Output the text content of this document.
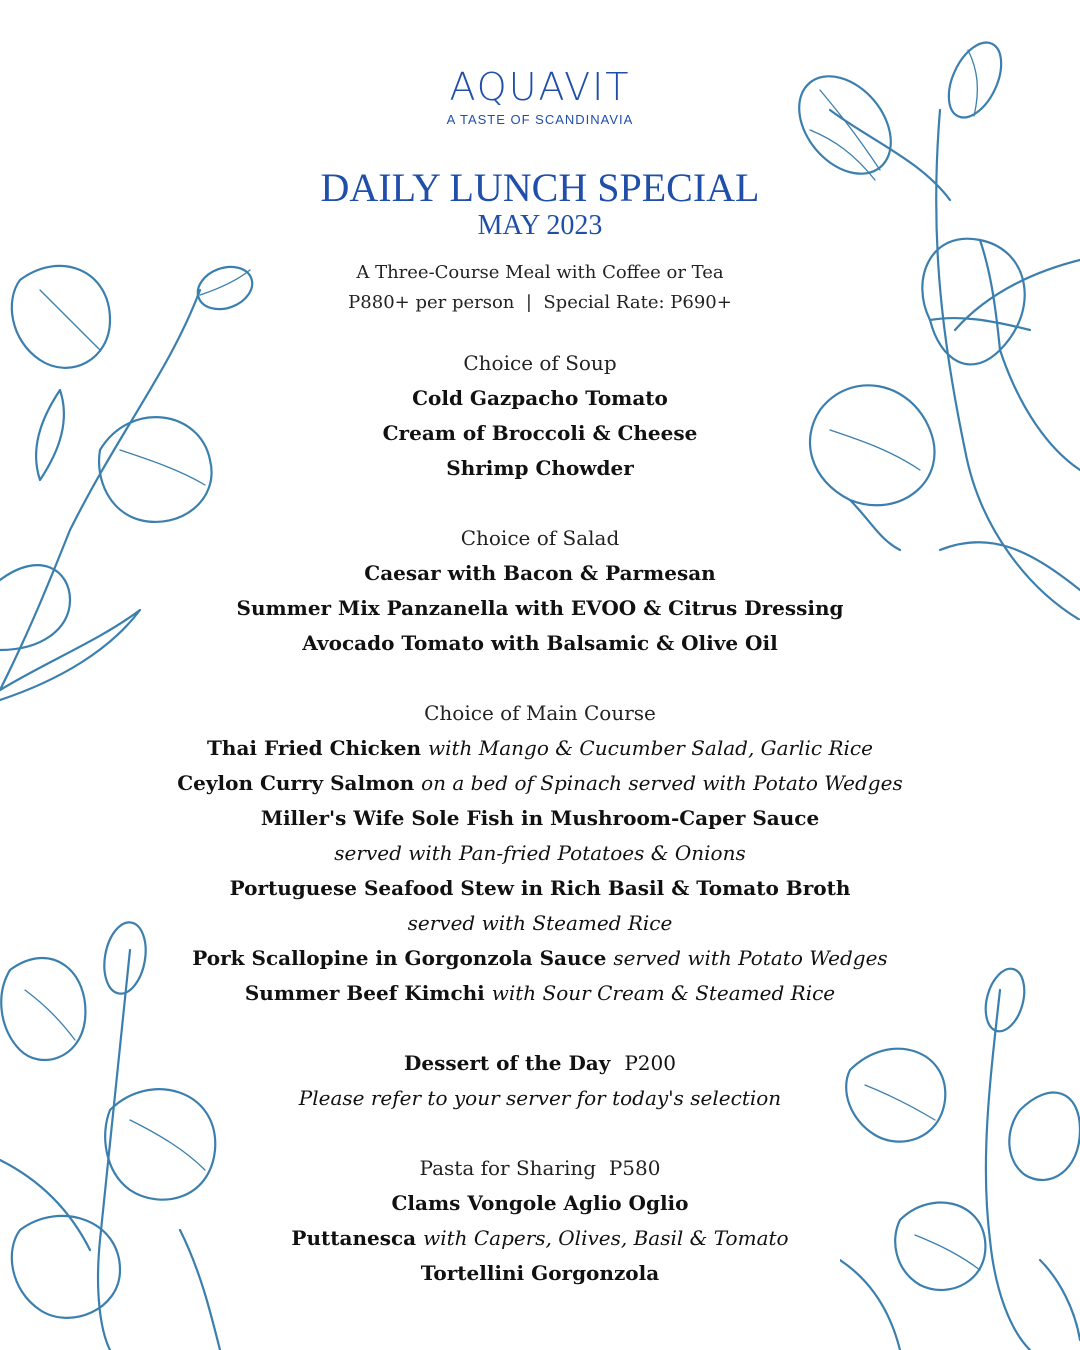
AQUAVIT
A TASTE OF SCANDINAVIA
DAILY LUNCH SPECIAL
MAY 2023
A Three-Course Meal with Coffee or Tea
P880+ per person  |  Special Rate: P690+
Choice of Soup
Cold Gazpacho Tomato
Cream of Broccoli & Cheese
Shrimp Chowder
Choice of Salad
Caesar with Bacon & Parmesan
Summer Mix Panzanella with EVOO & Citrus Dressing
Avocado Tomato with Balsamic & Olive Oil
Choice of Main Course
Thai Fried Chicken with Mango & Cucumber Salad, Garlic Rice
Ceylon Curry Salmon on a bed of Spinach served with Potato Wedges
Miller's Wife Sole Fish in Mushroom-Caper Sauce
served with Pan-fried Potatoes & Onions
Portuguese Seafood Stew in Rich Basil & Tomato Broth
served with Steamed Rice
Pork Scallopine in Gorgonzola Sauce served with Potato Wedges
Summer Beef Kimchi with Sour Cream & Steamed Rice
Dessert of the Day P200
Please refer to your server for today's selection
Pasta for Sharing P580
Clams Vongole Aglio Oglio
Puttanesca with Capers, Olives, Basil & Tomato
Tortellini Gorgonzola
